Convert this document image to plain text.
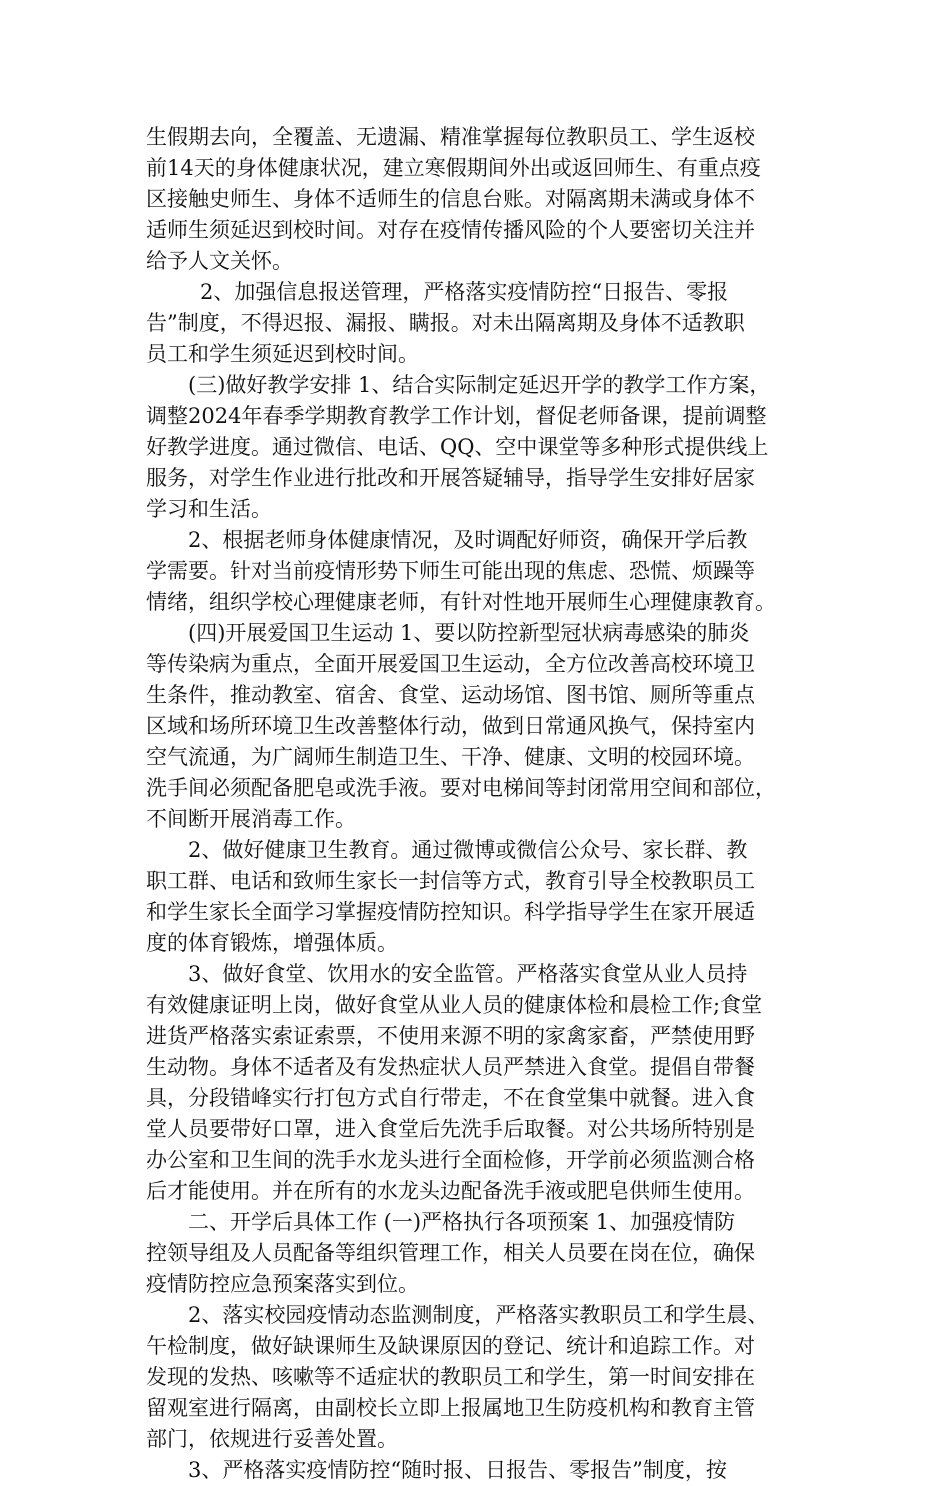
生假期去向，全覆盖、无遗漏、精准掌握每位教职员工、学生返校
前14天的身体健康状况，建立寒假期间外出或返回师生、有重点疫
区接触史师生、身体不适师生的信息台账。对隔离期未满或身体不
适师生须延迟到校时间。对存在疫情传播风险的个人要密切关注并
给予人文关怀。
2、加强信息报送管理，严格落实疫情防控“日报告、零报
告”制度，不得迟报、漏报、瞒报。对未出隔离期及身体不适教职
员工和学生须延迟到校时间。
(三)做好教学安排 1、结合实际制定延迟开学的教学工作方案，
调整2024年春季学期教育教学工作计划，督促老师备课，提前调整
好教学进度。通过微信、电话、QQ、空中课堂等多种形式提供线上
服务，对学生作业进行批改和开展答疑辅导，指导学生安排好居家
学习和生活。
2、根据老师身体健康情况，及时调配好师资，确保开学后教
学需要。针对当前疫情形势下师生可能出现的焦虑、恐慌、烦躁等
情绪，组织学校心理健康老师，有针对性地开展师生心理健康教育。
(四)开展爱国卫生运动 1、要以防控新型冠状病毒感染的肺炎
等传染病为重点，全面开展爱国卫生运动，全方位改善高校环境卫
生条件，推动教室、宿舍、食堂、运动场馆、图书馆、厕所等重点
区域和场所环境卫生改善整体行动，做到日常通风换气，保持室内
空气流通，为广阔师生制造卫生、干净、健康、文明的校园环境。
洗手间必须配备肥皂或洗手液。要对电梯间等封闭常用空间和部位，
不间断开展消毒工作。
2、做好健康卫生教育。通过微博或微信公众号、家长群、教
职工群、电话和致师生家长一封信等方式，教育引导全校教职员工
和学生家长全面学习掌握疫情防控知识。科学指导学生在家开展适
度的体育锻炼，增强体质。
3、做好食堂、饮用水的安全监管。严格落实食堂从业人员持
有效健康证明上岗，做好食堂从业人员的健康体检和晨检工作;食堂
进货严格落实索证索票，不使用来源不明的家禽家畜，严禁使用野
生动物。身体不适者及有发热症状人员严禁进入食堂。提倡自带餐
具，分段错峰实行打包方式自行带走，不在食堂集中就餐。进入食
堂人员要带好口罩，进入食堂后先洗手后取餐。对公共场所特别是
办公室和卫生间的洗手水龙头进行全面检修，开学前必须监测合格
后才能使用。并在所有的水龙头边配备洗手液或肥皂供师生使用。
二、开学后具体工作 (一)严格执行各项预案 1、加强疫情防
控领导组及人员配备等组织管理工作，相关人员要在岗在位，确保
疫情防控应急预案落实到位。
2、落实校园疫情动态监测制度，严格落实教职员工和学生晨、
午检制度，做好缺课师生及缺课原因的登记、统计和追踪工作。对
发现的发热、咳嗽等不适症状的教职员工和学生，第一时间安排在
留观室进行隔离，由副校长立即上报属地卫生防疫机构和教育主管
部门，依规进行妥善处置。
3、严格落实疫情防控“随时报、日报告、零报告”制度，按
